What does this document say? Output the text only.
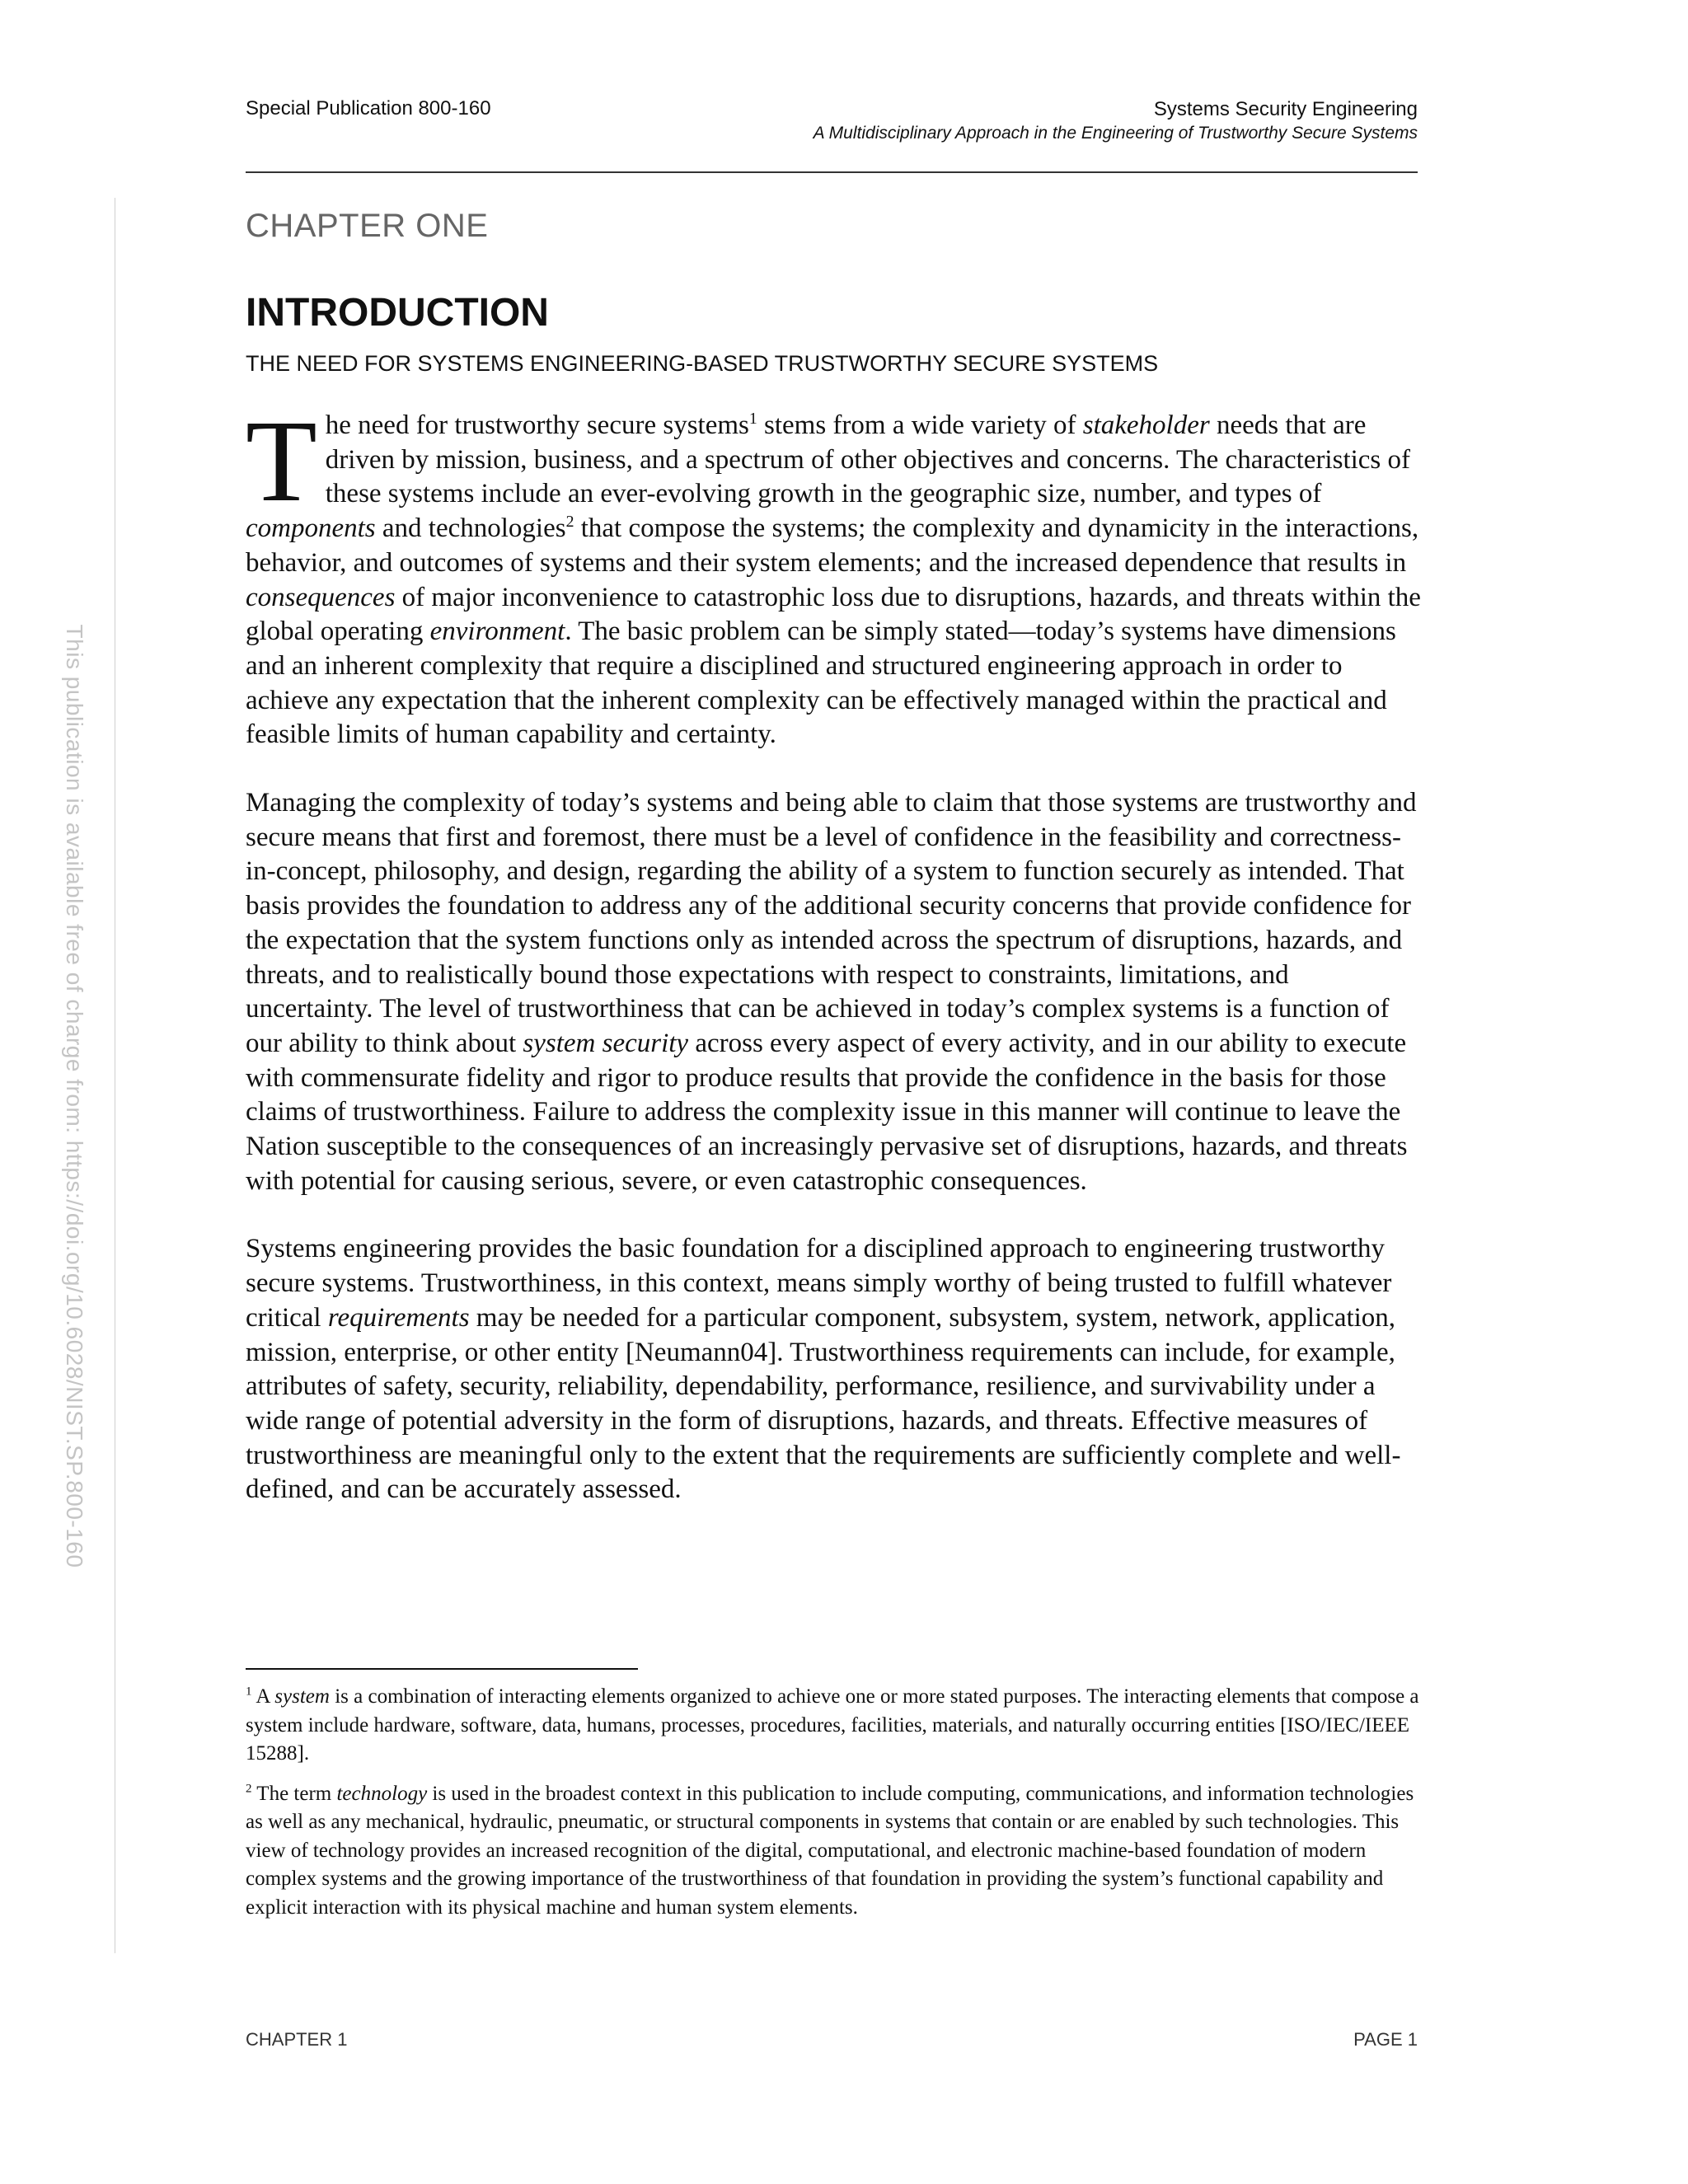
Special Publication 800-160	Systems Security Engineering
A Multidisciplinary Approach in the Engineering of Trustworthy Secure Systems
This publication is available free of charge from: https://doi.org/10.6028/NIST.SP.800-160
CHAPTER ONE
INTRODUCTION
THE NEED FOR SYSTEMS ENGINEERING-BASED TRUSTWORTHY SECURE SYSTEMS

The need for trustworthy secure systems$^1$ stems from a wide variety of stakeholder needs that are driven by mission, business, and a spectrum of other objectives and concerns. The characteristics of these systems include an ever-evolving growth in the geographic size, number, and types of components and technologies$^2$ that compose the systems; the complexity and dynamicity in the interactions, behavior, and outcomes of systems and their system elements; and the increased dependence that results in consequences of major inconvenience to catastrophic loss due to disruptions, hazards, and threats within the global operating environment. The basic problem can be simply stated—today’s systems have dimensions and an inherent complexity that require a disciplined and structured engineering approach in order to achieve any expectation that the inherent complexity can be effectively managed within the practical and feasible limits of human capability and certainty.

Managing the complexity of today’s systems and being able to claim that those systems are trustworthy and secure means that first and foremost, there must be a level of confidence in the feasibility and correctness-in-concept, philosophy, and design, regarding the ability of a system to function securely as intended. That basis provides the foundation to address any of the additional security concerns that provide confidence for the expectation that the system functions only as intended across the spectrum of disruptions, hazards, and threats, and to realistically bound those expectations with respect to constraints, limitations, and uncertainty. The level of trustworthiness that can be achieved in today’s complex systems is a function of our ability to think about system security across every aspect of every activity, and in our ability to execute with commensurate fidelity and rigor to produce results that provide the confidence in the basis for those claims of trustworthiness. Failure to address the complexity issue in this manner will continue to leave the Nation susceptible to the consequences of an increasingly pervasive set of disruptions, hazards, and threats with potential for causing serious, severe, or even catastrophic consequences.

Systems engineering provides the basic foundation for a disciplined approach to engineering trustworthy secure systems. Trustworthiness, in this context, means simply worthy of being trusted to fulfill whatever critical requirements may be needed for a particular component, subsystem, system, network, application, mission, enterprise, or other entity [Neumann04]. Trustworthiness requirements can include, for example, attributes of safety, security, reliability, dependability, performance, resilience, and survivability under a wide range of potential adversity in the form of disruptions, hazards, and threats. Effective measures of trustworthiness are meaningful only to the extent that the requirements are sufficiently complete and well-defined, and can be accurately assessed.

$^1$ A system is a combination of interacting elements organized to achieve one or more stated purposes. The interacting elements that compose a system include hardware, software, data, humans, processes, procedures, facilities, materials, and naturally occurring entities [ISO/IEC/IEEE 15288].

$^2$ The term technology is used in the broadest context in this publication to include computing, communications, and information technologies as well as any mechanical, hydraulic, pneumatic, or structural components in systems that contain or are enabled by such technologies. This view of technology provides an increased recognition of the digital, computational, and electronic machine-based foundation of modern complex systems and the growing importance of the trustworthiness of that foundation in providing the system’s functional capability and explicit interaction with its physical machine and human system elements.

CHAPTER 1	PAGE 1
